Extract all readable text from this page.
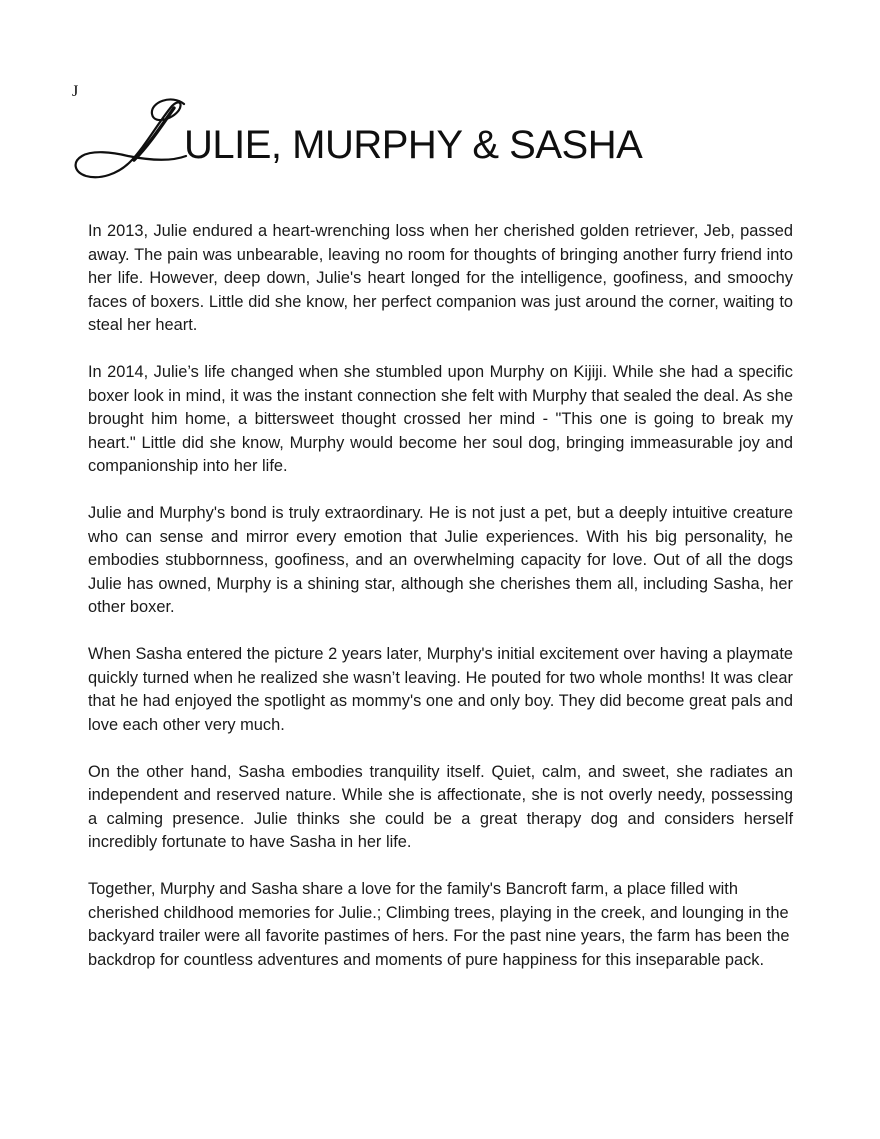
J
ULIE, MURPHY & SASHA

In 2013, Julie endured a heart-wrenching loss when her cherished golden retriever, Jeb, passed away. The pain was unbearable, leaving no room for thoughts of bringing another furry friend into her life. However, deep down, Julie's heart longed for the intelligence, goofiness, and smoochy faces of boxers. Little did she know, her perfect companion was just around the corner, waiting to steal her heart.

In 2014, Julie’s life changed when she stumbled upon Murphy on Kijiji. While she had a specific boxer look in mind, it was the instant connection she felt with Murphy that sealed the deal. As she brought him home, a bittersweet thought crossed her mind - "This one is going to break my heart." Little did she know, Murphy would become her soul dog, bringing immeasurable joy and companionship into her life.

Julie and Murphy's bond is truly extraordinary. He is not just a pet, but a deeply intuitive creature who can sense and mirror every emotion that Julie experiences. With his big personality, he embodies stubbornness, goofiness, and an overwhelming capacity for love. Out of all the dogs Julie has owned, Murphy is a shining star, although she cherishes them all, including Sasha, her other boxer.

When Sasha entered the picture 2 years later, Murphy's initial excitement over having a playmate quickly turned when he realized she wasn’t leaving. He pouted for two whole months! It was clear that he had enjoyed the spotlight as mommy's one and only boy. They did become great pals and love each other very much.

On the other hand, Sasha embodies tranquility itself. Quiet, calm, and sweet, she radiates an independent and reserved nature. While she is affectionate, she is not overly needy, possessing a calming presence. Julie thinks she could be a great therapy dog and considers herself incredibly fortunate to have Sasha in her life.

Together, Murphy and Sasha share a love for the family's Bancroft farm, a place filled with cherished childhood memories for Julie.; Climbing trees, playing in the creek, and lounging in the backyard trailer were all favorite pastimes of hers. For the past nine years, the farm has been the backdrop for countless adventures and moments of pure happiness for this inseparable pack.
